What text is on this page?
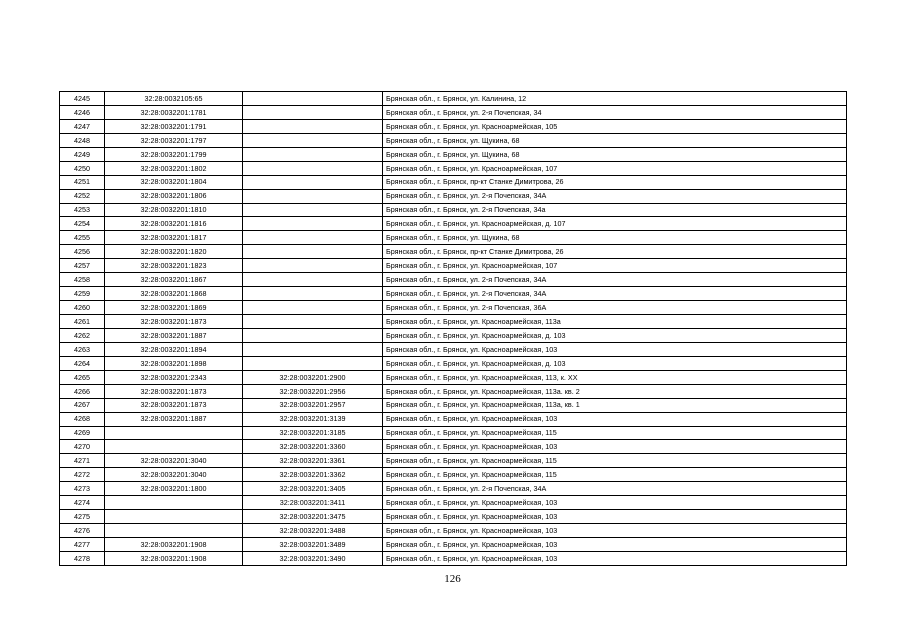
4245	32:28:0032105:65		Брянская обл., г. Брянск, ул. Калинина, 12
4246	32:28:0032201:1781		Брянская обл., г. Брянск, ул. 2-я Почепская, 34
4247	32:28:0032201:1791		Брянская обл., г. Брянск, ул. Красноармейская, 105
4248	32:28:0032201:1797		Брянская обл., г. Брянск, ул. Щукина, 68
4249	32:28:0032201:1799		Брянская обл., г. Брянск, ул. Щукина, 68
4250	32:28:0032201:1802		Брянская обл., г. Брянск, ул. Красноармейская, 107
4251	32:28:0032201:1804		Брянская обл., г. Брянск, пр-кт Станке Димитрова, 26
4252	32:28:0032201:1806		Брянская обл., г. Брянск, ул. 2-я Почепская, 34А
4253	32:28:0032201:1810		Брянская обл., г. Брянск, ул. 2-я Почепская, 34а
4254	32:28:0032201:1816		Брянская обл., г. Брянск, ул. Красноармейская, д. 107
4255	32:28:0032201:1817		Брянская обл., г. Брянск, ул. Щукина, 68
4256	32:28:0032201:1820		Брянская обл., г. Брянск, пр-кт Станке Димитрова, 26
4257	32:28:0032201:1823		Брянская обл., г. Брянск, ул. Красноармейская, 107
4258	32:28:0032201:1867		Брянская обл., г. Брянск, ул. 2-я Почепская, 34А
4259	32:28:0032201:1868		Брянская обл., г. Брянск, ул. 2-я Почепская, 34А
4260	32:28:0032201:1869		Брянская обл., г. Брянск, ул. 2-я Почепская, 36А
4261	32:28:0032201:1873		Брянская обл., г. Брянск, ул. Красноармейская, 113а
4262	32:28:0032201:1887		Брянская обл., г. Брянск, ул. Красноармейская, д. 103
4263	32:28:0032201:1894		Брянская обл., г. Брянск, ул. Красноармейская, 103
4264	32:28:0032201:1898		Брянская обл., г. Брянск, ул. Красноармейская, д. 103
4265	32:28:0032201:2343	32:28:0032201:2900	Брянская обл., г. Брянск, ул. Красноармейская, 113, к. XX
4266	32:28:0032201:1873	32:28:0032201:2956	Брянская обл., г. Брянск, ул. Красноармейская, 113а. кв. 2
4267	32:28:0032201:1873	32:28:0032201:2957	Брянская обл., г. Брянск, ул. Красноармейская, 113а, кв. 1
4268	32:28:0032201:1887	32:28:0032201:3139	Брянская обл., г. Брянск, ул. Красноармейская, 103
4269		32:28:0032201:3185	Брянская обл., г. Брянск, ул. Красноармейская, 115
4270		32:28:0032201:3360	Брянская обл., г. Брянск, ул. Красноармейская, 103
4271	32:28:0032201:3040	32:28:0032201:3361	Брянская обл., г. Брянск, ул. Красноармейская, 115
4272	32:28:0032201:3040	32:28:0032201:3362	Брянская обл., г. Брянск, ул. Красноармейская, 115
4273	32:28:0032201:1800	32:28:0032201:3405	Брянская обл., г. Брянск, ул. 2-я Почепская, 34А
4274		32:28:0032201:3411	Брянская обл., г. Брянск, ул. Красноармейская, 103
4275		32:28:0032201:3475	Брянская обл., г. Брянск, ул. Красноармейская, 103
4276		32:28:0032201:3488	Брянская обл., г. Брянск, ул. Красноармейская, 103
4277	32:28:0032201:1908	32:28:0032201:3489	Брянская обл., г. Брянск, ул. Красноармейская, 103
4278	32:28:0032201:1908	32:28:0032201:3490	Брянская обл., г. Брянск, ул. Красноармейская, 103
126
